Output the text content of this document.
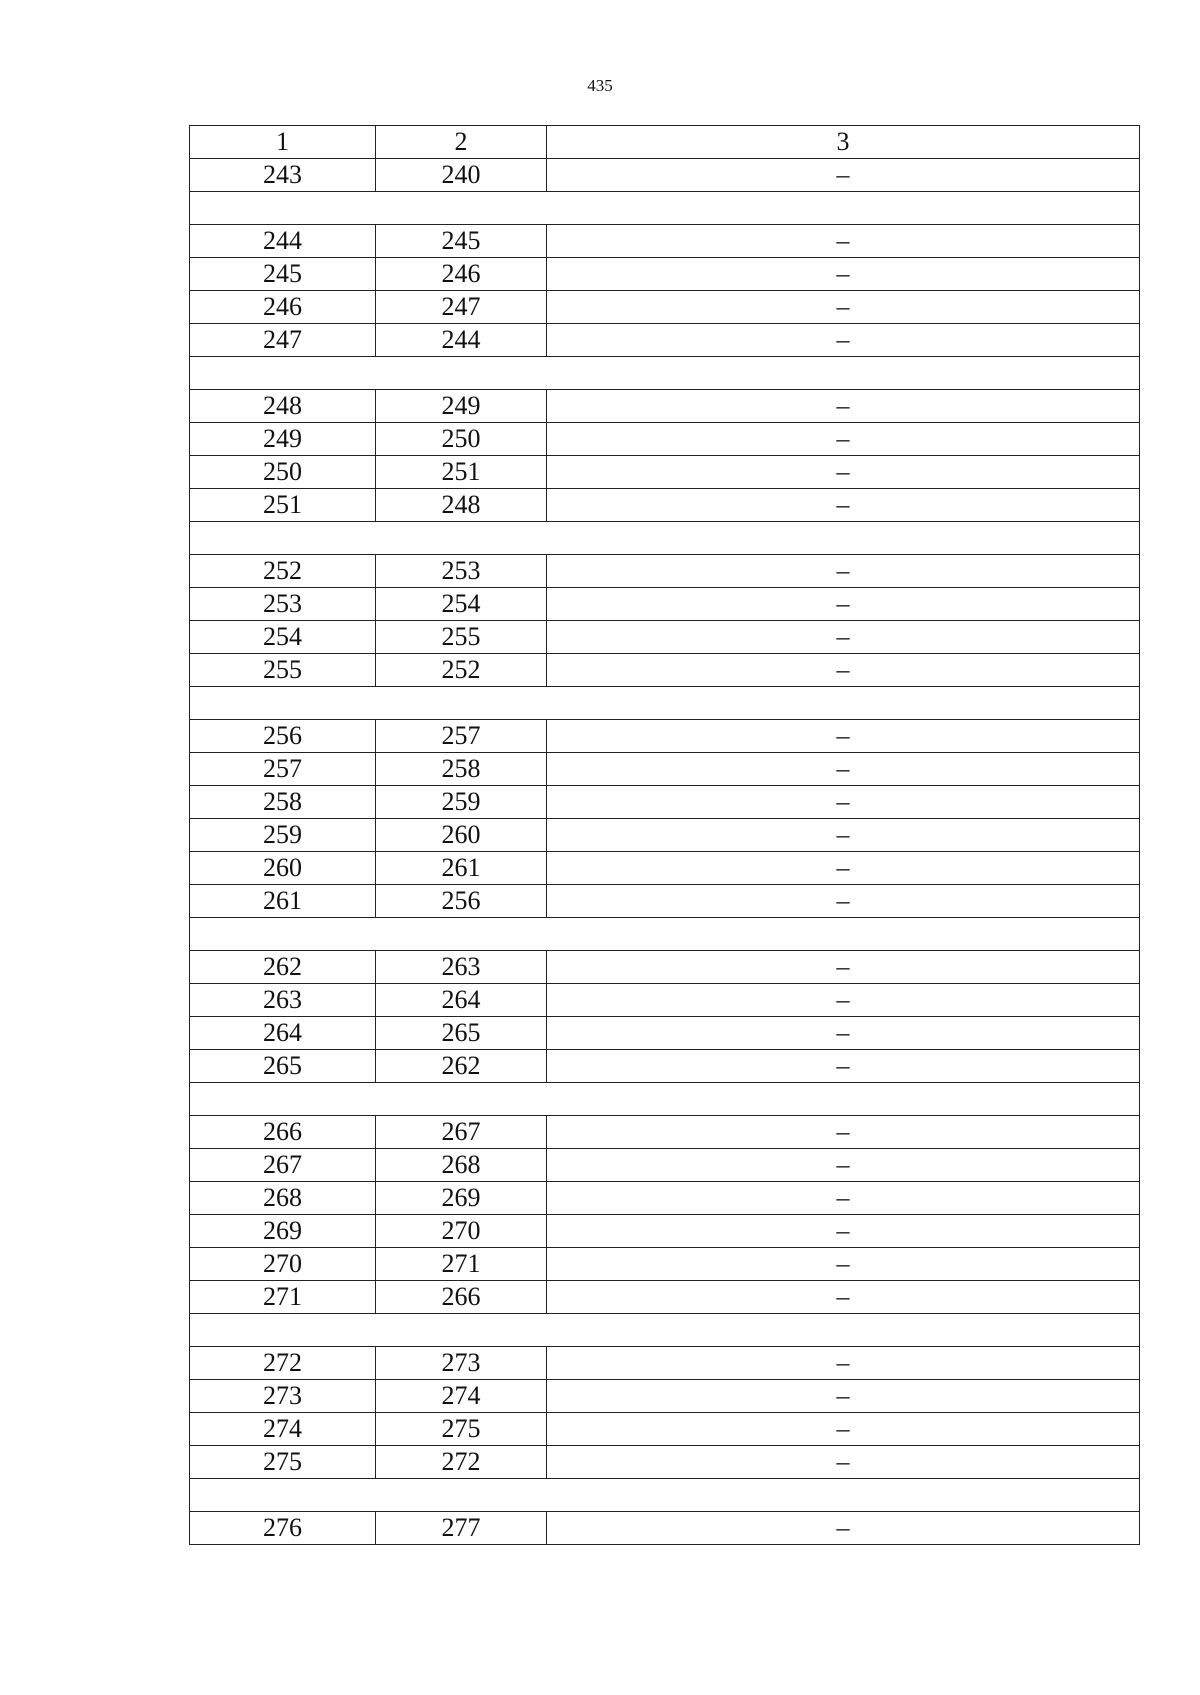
435
1	2	3
243	240	–

244	245	–
245	246	–
246	247	–
247	244	–

248	249	–
249	250	–
250	251	–
251	248	–

252	253	–
253	254	–
254	255	–
255	252	–

256	257	–
257	258	–
258	259	–
259	260	–
260	261	–
261	256	–

262	263	–
263	264	–
264	265	–
265	262	–

266	267	–
267	268	–
268	269	–
269	270	–
270	271	–
271	266	–

272	273	–
273	274	–
274	275	–
275	272	–

276	277	–
